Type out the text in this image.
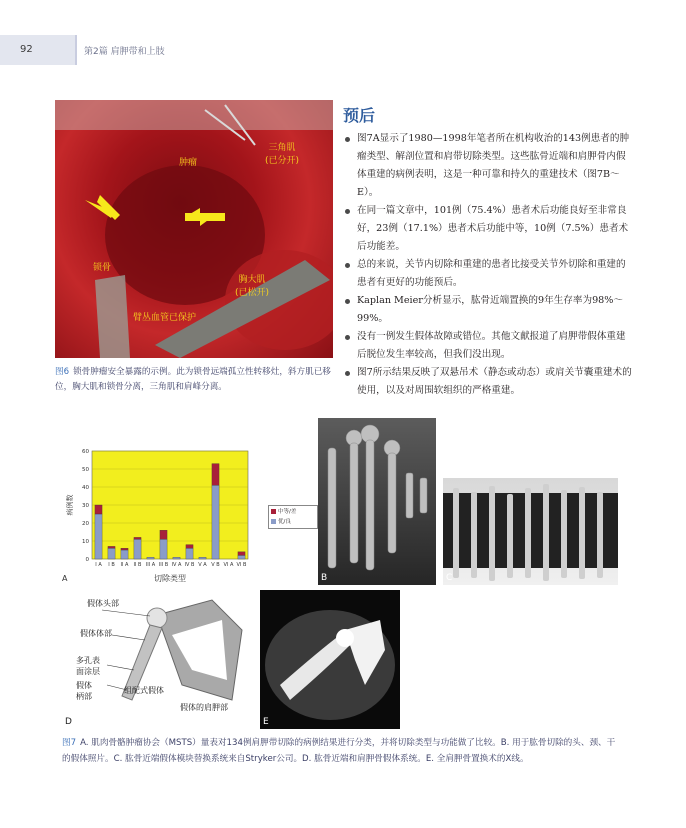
92	第2篇 肩胛带和上肢
肿瘤
三角肌
(已分开)
锁骨
胸大肌
(已松开)
臂丛血管已保护
图6 锁骨肿瘤安全暴露的示例。此为锁骨远端孤立性转移灶，斜方肌已移位，胸大肌和锁骨分离，三角肌和肩峰分离。
预后
图7A显示了1980—1998年笔者所在机构收治的143例患者的肿瘤类型、解剖位置和肩带切除类型。这些肱骨近端和肩胛骨内假体重建的病例表明，这是一种可靠和持久的重建技术（图7B～E）。
在同一篇文章中，101例（75.4%）患者术后功能良好至非常良好，23例（17.1%）患者术后功能中等，10例（7.5%）患者术后功能差。
总的来说，关节内切除和重建的患者比接受关节外切除和重建的患者有更好的功能预后。
Kaplan Meier分析显示，肱骨近端置换的9年生存率为98%～99%。
没有一例发生假体故障或错位。其他文献报道了肩胛带假体重建后脱位发生率较高，但我们没出现。
图7所示结果反映了双悬吊术（静态或动态）或肩关节囊重建术的使用，以及对周围软组织的严格重建。
0
10
20
30
40
50
60
I A I B II A II B III A III B IV A IV B V A V B VI A VI B
切除类型
病例数
A
中等/差
优/良
B	C
假体头部
假体体部
多孔表
面涂层
假体
柄部
组配式假体
假体的肩胛部
D	E
图7 A. 肌肉骨骼肿瘤协会（MSTS）量表对134例肩胛带切除的病例结果进行分类，并将切除类型与功能做了比较。B. 用于肱骨切除的头、颈、干的假体照片。C. 肱骨近端假体模块替换系统来自Stryker公司。D. 肱骨近端和肩胛骨假体系统。E. 全肩胛骨置换术的X线。
